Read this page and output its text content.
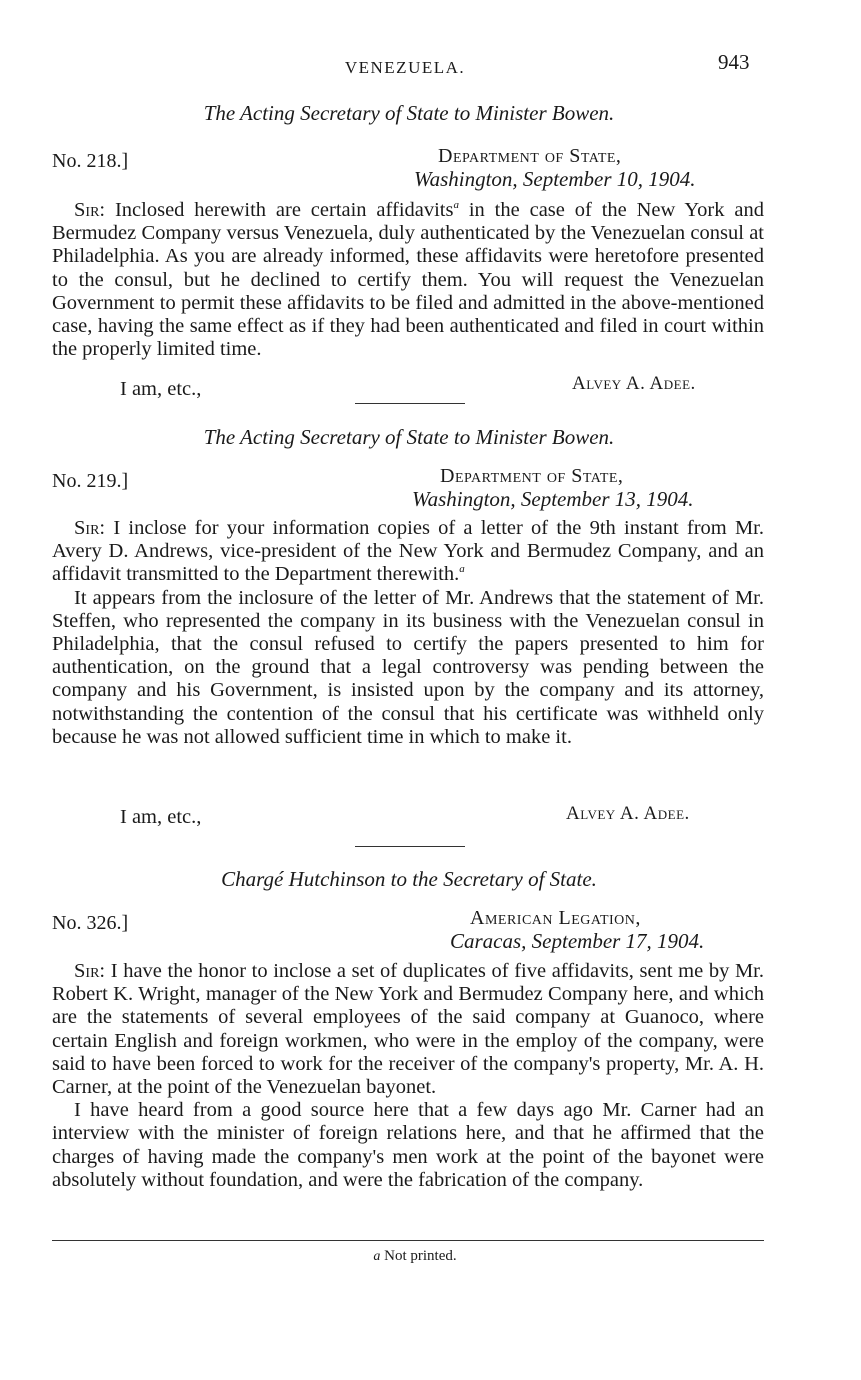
VENEZUELA.	943
The Acting Secretary of State to Minister Bowen.
No. 218.]	Department of State,
Washington, September 10, 1904.

Sir: Inclosed herewith are certain affidavits$^a$ in the case of the New York and Bermudez Company versus Venezuela, duly authenticated by the Venezuelan consul at Philadelphia. As you are already informed, these affidavits were heretofore presented to the consul, but he declined to certify them. You will request the Venezuelan Government to permit these affidavits to be filed and admitted in the above-mentioned case, having the same effect as if they had been authenticated and filed in court within the properly limited time.

I am, etc.,	Alvey A. Adee.
The Acting Secretary of State to Minister Bowen.
No. 219.]	Department of State,
Washington, September 13, 1904.

Sir: I inclose for your information copies of a letter of the 9th instant from Mr. Avery D. Andrews, vice-president of the New York and Bermudez Company, and an affidavit transmitted to the Department therewith.$^a$

It appears from the inclosure of the letter of Mr. Andrews that the statement of Mr. Steffen, who represented the company in its business with the Venezuelan consul in Philadelphia, that the consul refused to certify the papers presented to him for authentication, on the ground that a legal controversy was pending between the company and his Government, is insisted upon by the company and its attorney, notwithstanding the contention of the consul that his certificate was withheld only because he was not allowed sufficient time in which to make it.

I am, etc.,	Alvey A. Adee.
Chargé Hutchinson to the Secretary of State.
No. 326.]	American Legation,
Caracas, September 17, 1904.

Sir: I have the honor to inclose a set of duplicates of five affidavits, sent me by Mr. Robert K. Wright, manager of the New York and Bermudez Company here, and which are the statements of several employees of the said company at Guanoco, where certain English and foreign workmen, who were in the employ of the company, were said to have been forced to work for the receiver of the company's property, Mr. A. H. Carner, at the point of the Venezuelan bayonet.

I have heard from a good source here that a few days ago Mr. Carner had an interview with the minister of foreign relations here, and that he affirmed that the charges of having made the company's men work at the point of the bayonet were absolutely without foundation, and were the fabrication of the company.

a Not printed.
